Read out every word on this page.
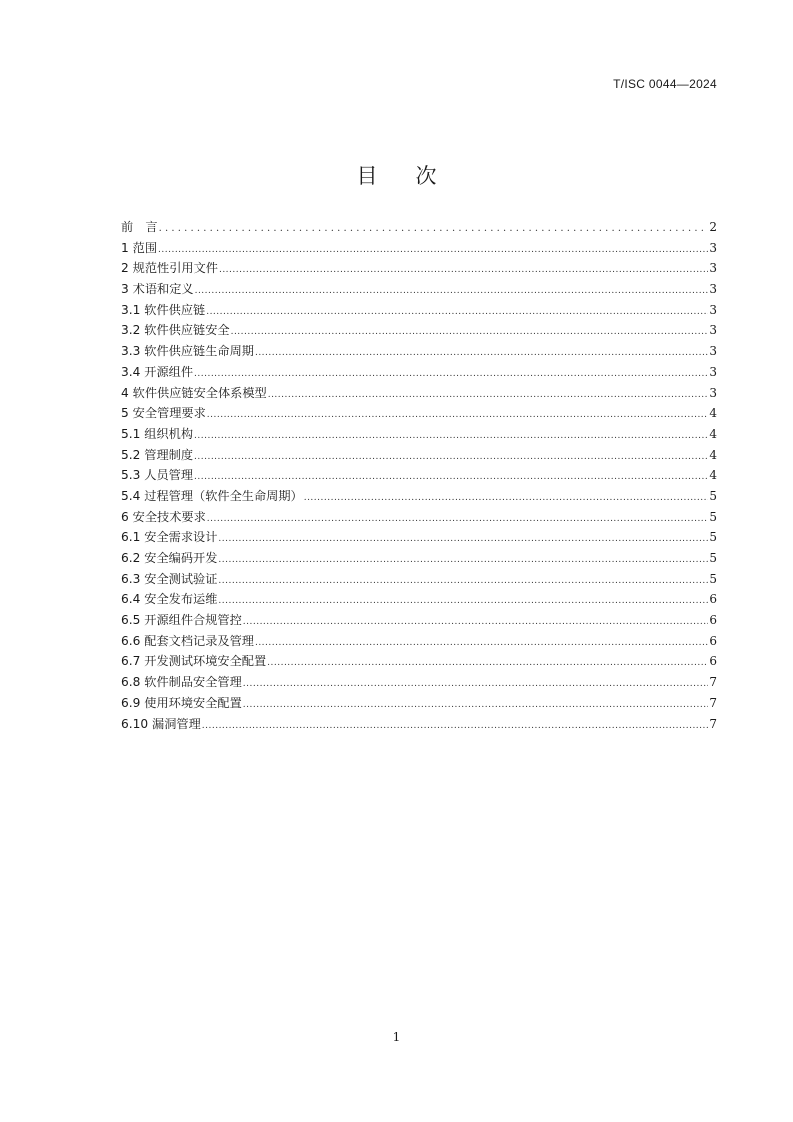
T/ISC 0044—2024
目 次
前　言 .....	2
1 范围 .....	3
2 规范性引用文件 .....	3
3 术语和定义 .....	3
3.1 软件供应链 .....	3
3.2 软件供应链安全 .....	3
3.3 软件供应链生命周期 .....	3
3.4 开源组件 .....	3
4 软件供应链安全体系模型 .....	3
5 安全管理要求 .....	4
5.1 组织机构 .....	4
5.2 管理制度 .....	4
5.3 人员管理 .....	4
5.4 过程管理（软件全生命周期） .....	5
6 安全技术要求 .....	5
6.1 安全需求设计 .....	5
6.2 安全编码开发 .....	5
6.3 安全测试验证 .....	5
6.4 安全发布运维 .....	6
6.5 开源组件合规管控 .....	6
6.6 配套文档记录及管理 .....	6
6.7 开发测试环境安全配置 .....	6
6.8 软件制品安全管理 .....	7
6.9 使用环境安全配置 .....	7
6.10 漏洞管理 .....	7
1
